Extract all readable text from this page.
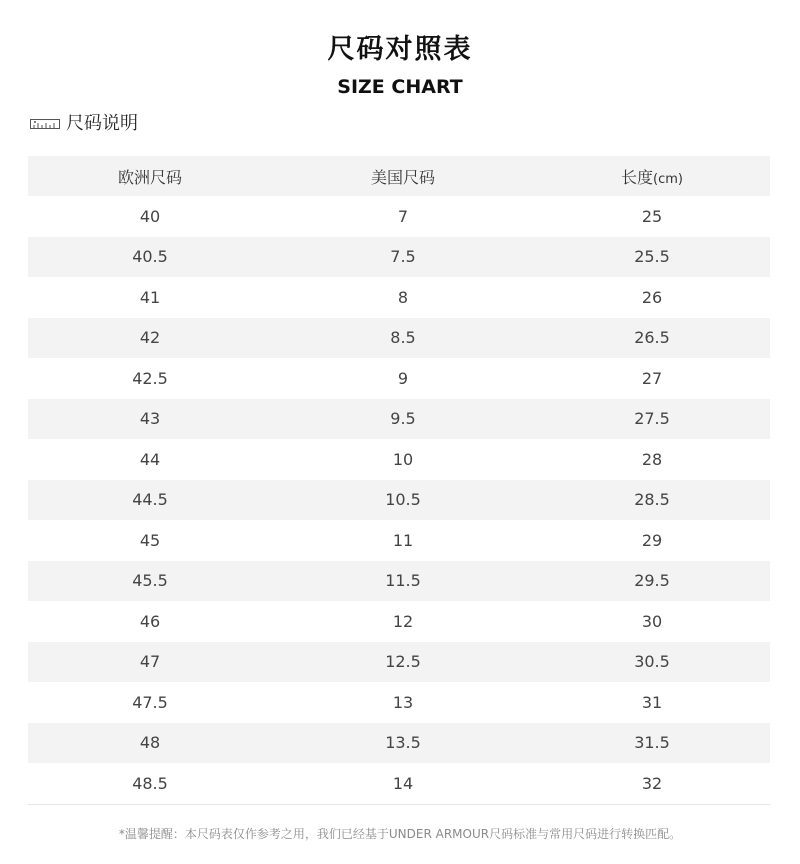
尺码对照表
SIZE CHART
尺码说明
欧洲尺码	美国尺码	长度(cm)
40	7	25
40.5	7.5	25.5
41	8	26
42	8.5	26.5
42.5	9	27
43	9.5	27.5
44	10	28
44.5	10.5	28.5
45	11	29
45.5	11.5	29.5
46	12	30
47	12.5	30.5
47.5	13	31
48	13.5	31.5
48.5	14	32
*温馨提醒：本尺码表仅作参考之用，我们已经基于UNDER ARMOUR尺码标准与常用尺码进行转换匹配。
